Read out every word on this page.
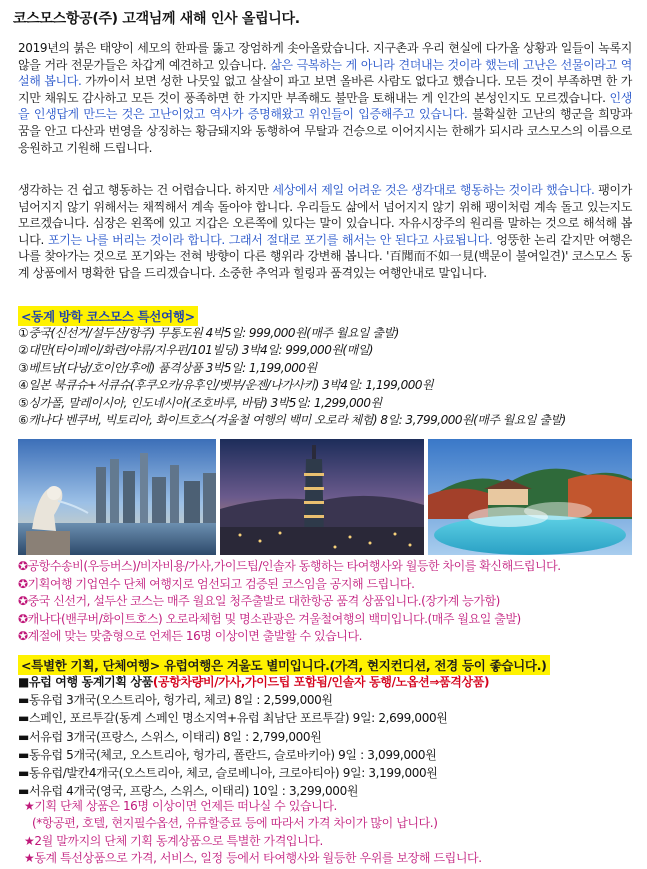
코스모스항공(주) 고객님께 새해 인사 올립니다.

2019년의 붉은 태양이 세모의 한파를 뚫고 장엄하게 솟아올랐습니다. 지구촌과 우리 현실에 다가올 상황과 일들이 녹록지 않을 거라 전문가들은 차갑게 예견하고 있습니다. 삶은 극복하는 게 아니라 견뎌내는 것이라 했는데 고난은 선물이라고 역설해 봅니다. 가까이서 보면 성한 나뭇잎 없고 살살이 파고 보면 올바른 사람도 없다고 했습니다. 모든 것이 부족하면 한 가지만 채워도 감사하고 모든 것이 풍족하면 한 가지만 부족해도 불만을 토해내는 게 인간의 본성인지도 모르겠습니다. 인생을 인생답게 만드는 것은 고난이었고 역사가 증명해왔고 위인들이 입증해주고 있습니다. 불확실한 고난의 행군을 희망과 꿈을 안고 다산과 번영을 상징하는 황금돼지와 동행하여 무탈과 건승으로 이어지시는 한해가 되시라 코스모스의 이름으로 응원하고 기원해 드립니다.

생각하는 건 쉽고 행동하는 건 어렵습니다. 하지만 세상에서 제일 어려운 것은 생각대로 행동하는 것이라 했습니다. 팽이가 넘어지지 않기 위해서는 채찍해서 계속 돌아야 합니다. 우리들도 삶에서 넘어지지 않기 위해 팽이처럼 계속 돌고 있는지도 모르겠습니다. 심장은 왼쪽에 있고 지갑은 오른쪽에 있다는 말이 있습니다. 자유시장주의 원리를 말하는 것으로 해석해 봅니다. 포기는 나를 버리는 것이라 합니다. 그래서 절대로 포기를 해서는 안 된다고 사료됩니다. 엉뚱한 논리 같지만 여행은 나를 찾아가는 것으로 포기와는 전혀 방향이 다른 행위라 강변해 봅니다. '百聞而不如一見(백문이 불여일견)' 코스모스 동계 상품에서 명확한 답을 드리겠습니다. 소중한 추억과 힐링과 품격있는 여행안내로 말입니다.

<동계 방학 코스모스 특선여행>
①중국(신선거/설두산/항주) 무통도원 4박5일: 999,000원(매주 월요일 출발)
②대만(타이페이/화련/야류/지우펀/101빌딩) 3박4일: 999,000원(매일)
③베트남(다낭/호이안/후에) 품격상품 3박5일: 1,199,000원
④일본 북큐슈+서큐슈(후쿠오카/유후인/벳부/운젠/나가사키) 3박4일: 1,199,000원
⑤싱가폴, 말레이시아, 인도네시아(조호바루, 바탐) 3박5일: 1,299,000원
⑥캐나다 벤쿠버, 빅토리아, 화이트호스(겨울철 여행의 백미 오로라 체험) 8일: 3,799,000원(매주 월요일 출발)
✪공항수송비(우등버스)/비자비용/가사,가이드팁/인솔자 동행하는 타여행사와 월등한 차이를 확신해드립니다.
✪기획여행 기업연수 단체 여행지로 엄선되고 검증된 코스임을 공지해 드립니다.
✪중국 신선거, 설두산 코스는 매주 월요일 청주출발로 대한항공 품격 상품입니다.(장가계 능가함)
✪캐나다(밴쿠버/화이트호스) 오로라체험 및 명소관광은 겨울철여행의 백미입니다.(매주 월요일 출발)
✪계절에 맞는 맞춤형으로 언제든 16명 이상이면 출발할 수 있습니다.
<특별한 기획, 단체여행> 유럽여행은 겨울도 별미입니다.(가격, 현지컨디션, 전경 등이 좋습니다.)
■유럽 여행 동계기획 상품(공항차량비/가사,가이드팁 포함됨/인솔자 동행/노옵션⇒품격상품)
▬동유럽 3개국(오스트리아, 헝가리, 체코) 8일 : 2,599,000원
▬스페인, 포르투갈(동계 스페인 명소지역+유럽 최남단 포르투갈) 9일: 2,699,000원
▬서유럽 3개국(프랑스, 스위스, 이태리) 8일 : 2,799,000원
▬동유럽 5개국(체코, 오스트리아, 헝가리, 폴란드, 슬로바키아) 9일 : 3,099,000원
▬동유럽/발칸4개국(오스트리아, 체코, 슬로베니아, 크로아티아) 9일: 3,199,000원
▬서유럽 4개국(영국, 프랑스, 스위스, 이태리) 10일 : 3,299,000원
★기획 단체 상품은 16명 이상이면 언제든 떠나실 수 있습니다.
(*항공편, 호텔, 현지필수옵션, 유류할증료 등에 따라서 가격 차이가 많이 납니다.)
★2월 말까지의 단체 기획 동계상품으로 특별한 가격입니다.
★동계 특선상품으로 가격, 서비스, 일정 등에서 타여행사와 월등한 우위를 보장해 드립니다.
